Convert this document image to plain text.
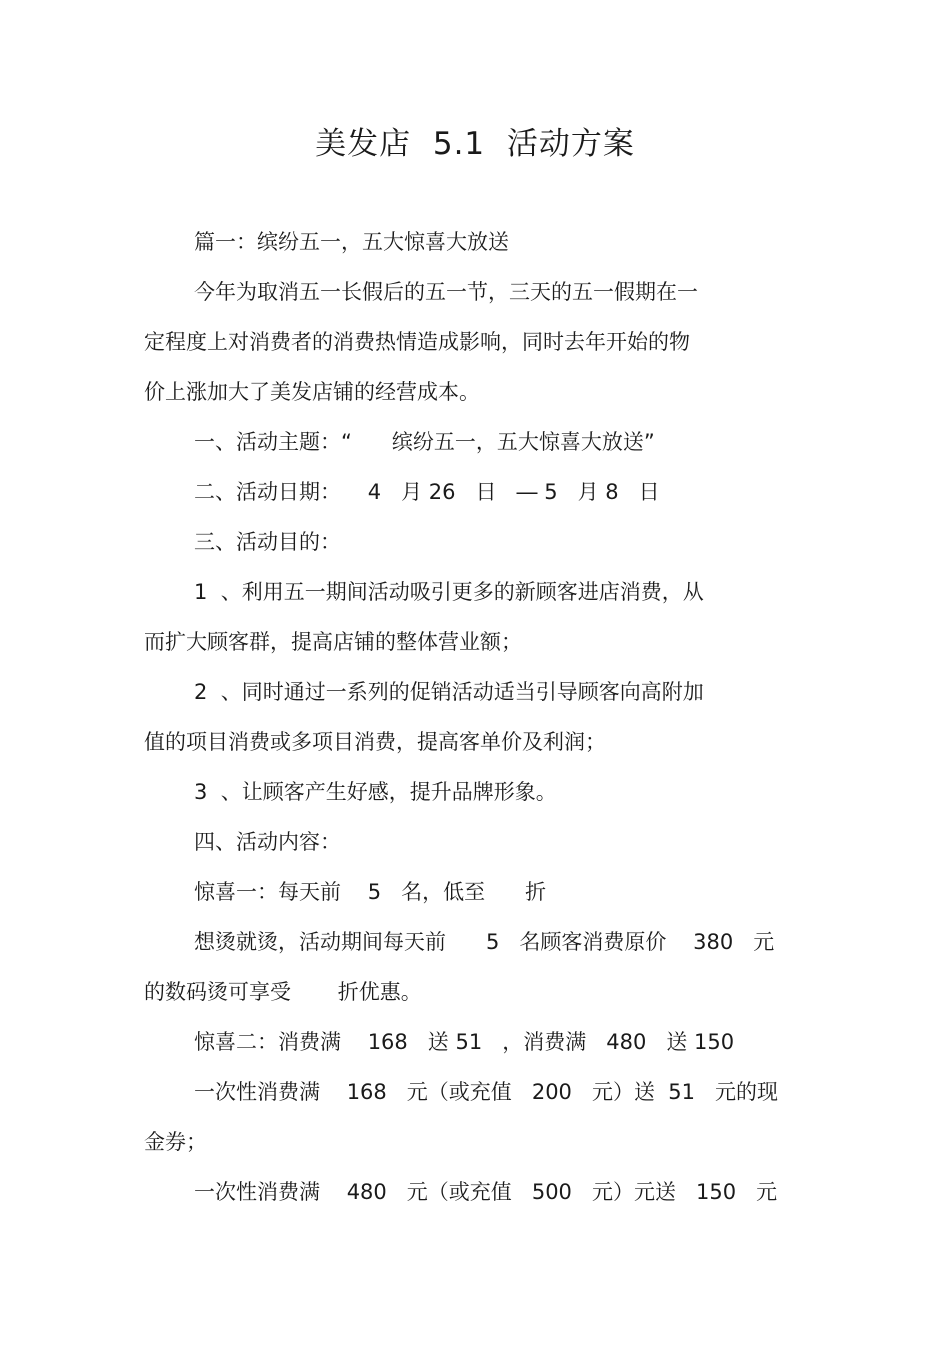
美发店  5.1  活动方案
篇一：缤纷五一，五大惊喜大放送
今年为取消五一长假后的五一节，三天的五一假期在一
定程度上对消费者的消费热情造成影响，同时去年开始的物
价上涨加大了美发店铺的经营成本。
一、活动主题：“      缤纷五一，五大惊喜大放送”
二、活动日期：    4   月 26   日   ― 5   月 8   日
三、活动目的：
1  、利用五一期间活动吸引更多的新顾客进店消费，从
而扩大顾客群，提高店铺的整体营业额；
2  、同时通过一系列的促销活动适当引导顾客向高附加
值的项目消费或多项目消费，提高客单价及利润；
3  、让顾客产生好感，提升品牌形象。
四、活动内容：
惊喜一：每天前    5   名，低至      折
想烫就烫，活动期间每天前      5   名顾客消费原价    380   元
的数码烫可享受       折优惠。
惊喜二：消费满    168   送 51   ，消费满   480   送 150
一次性消费满    168   元（或充值   200   元）送  51   元的现
金券；
一次性消费满    480   元（或充值   500   元）元送   150   元
